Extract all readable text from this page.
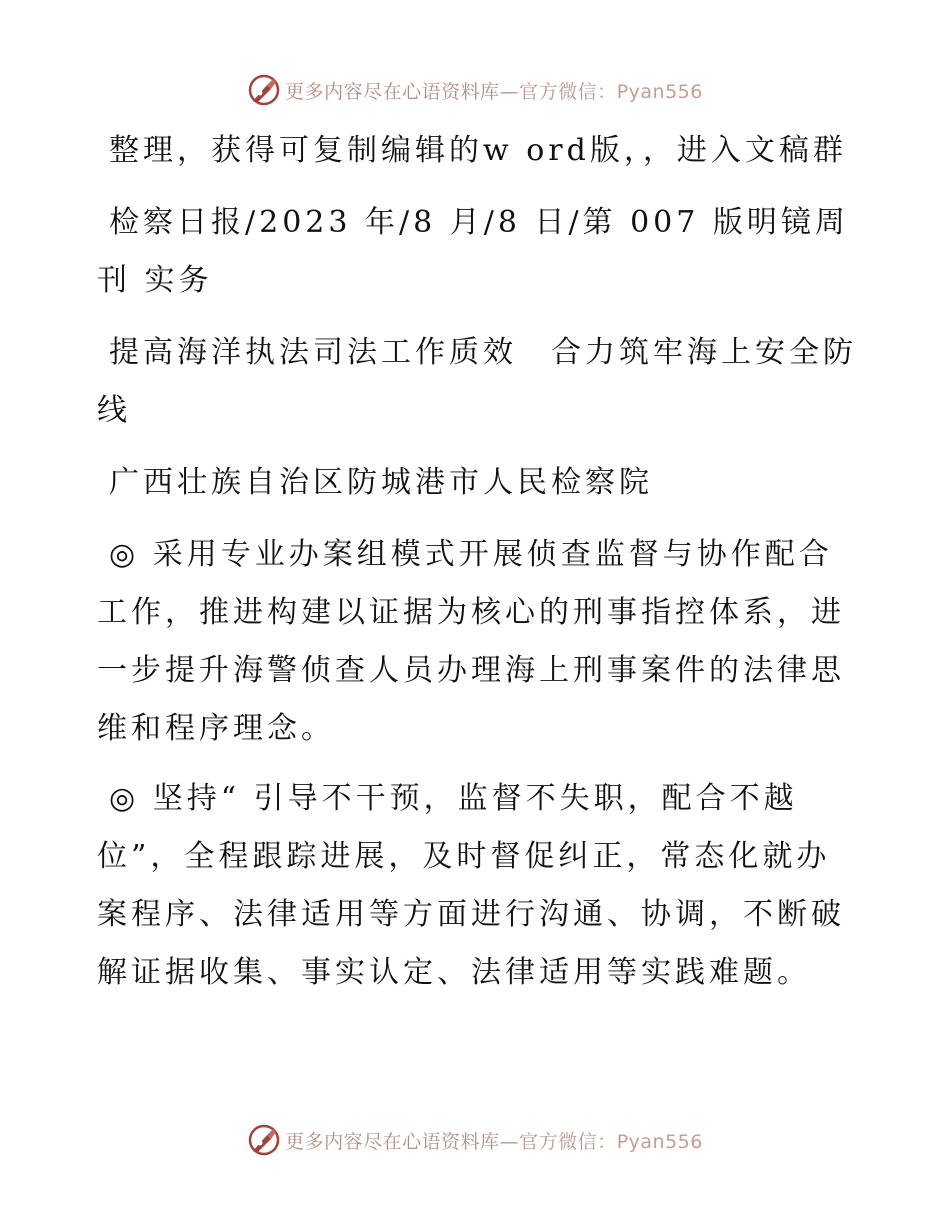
更多内容尽在心语资料库—官方微信：Pyan556

整理，获得可复制编辑的w ord版，，进入文稿群

检察日报/2023 年/8 月/8 日/第 007 版明镜周刊 实务

提高海洋执法司法工作质效　合力筑牢海上安全防线

广西壮族自治区防城港市人民检察院

◎ 采用专业办案组模式开展侦查监督与协作配合工作，推进构建以证据为核心的刑事指控体系，进一步提升海警侦查人员办理海上刑事案件的法律思维和程序理念。

◎ 坚持“ 引导不干预，监督不失职，配合不越位”，全程跟踪进展，及时督促纠正，常态化就办案程序、法律适用等方面进行沟通、协调，不断破解证据收集、事实认定、法律适用等实践难题。

更多内容尽在心语资料库—官方微信：Pyan556
